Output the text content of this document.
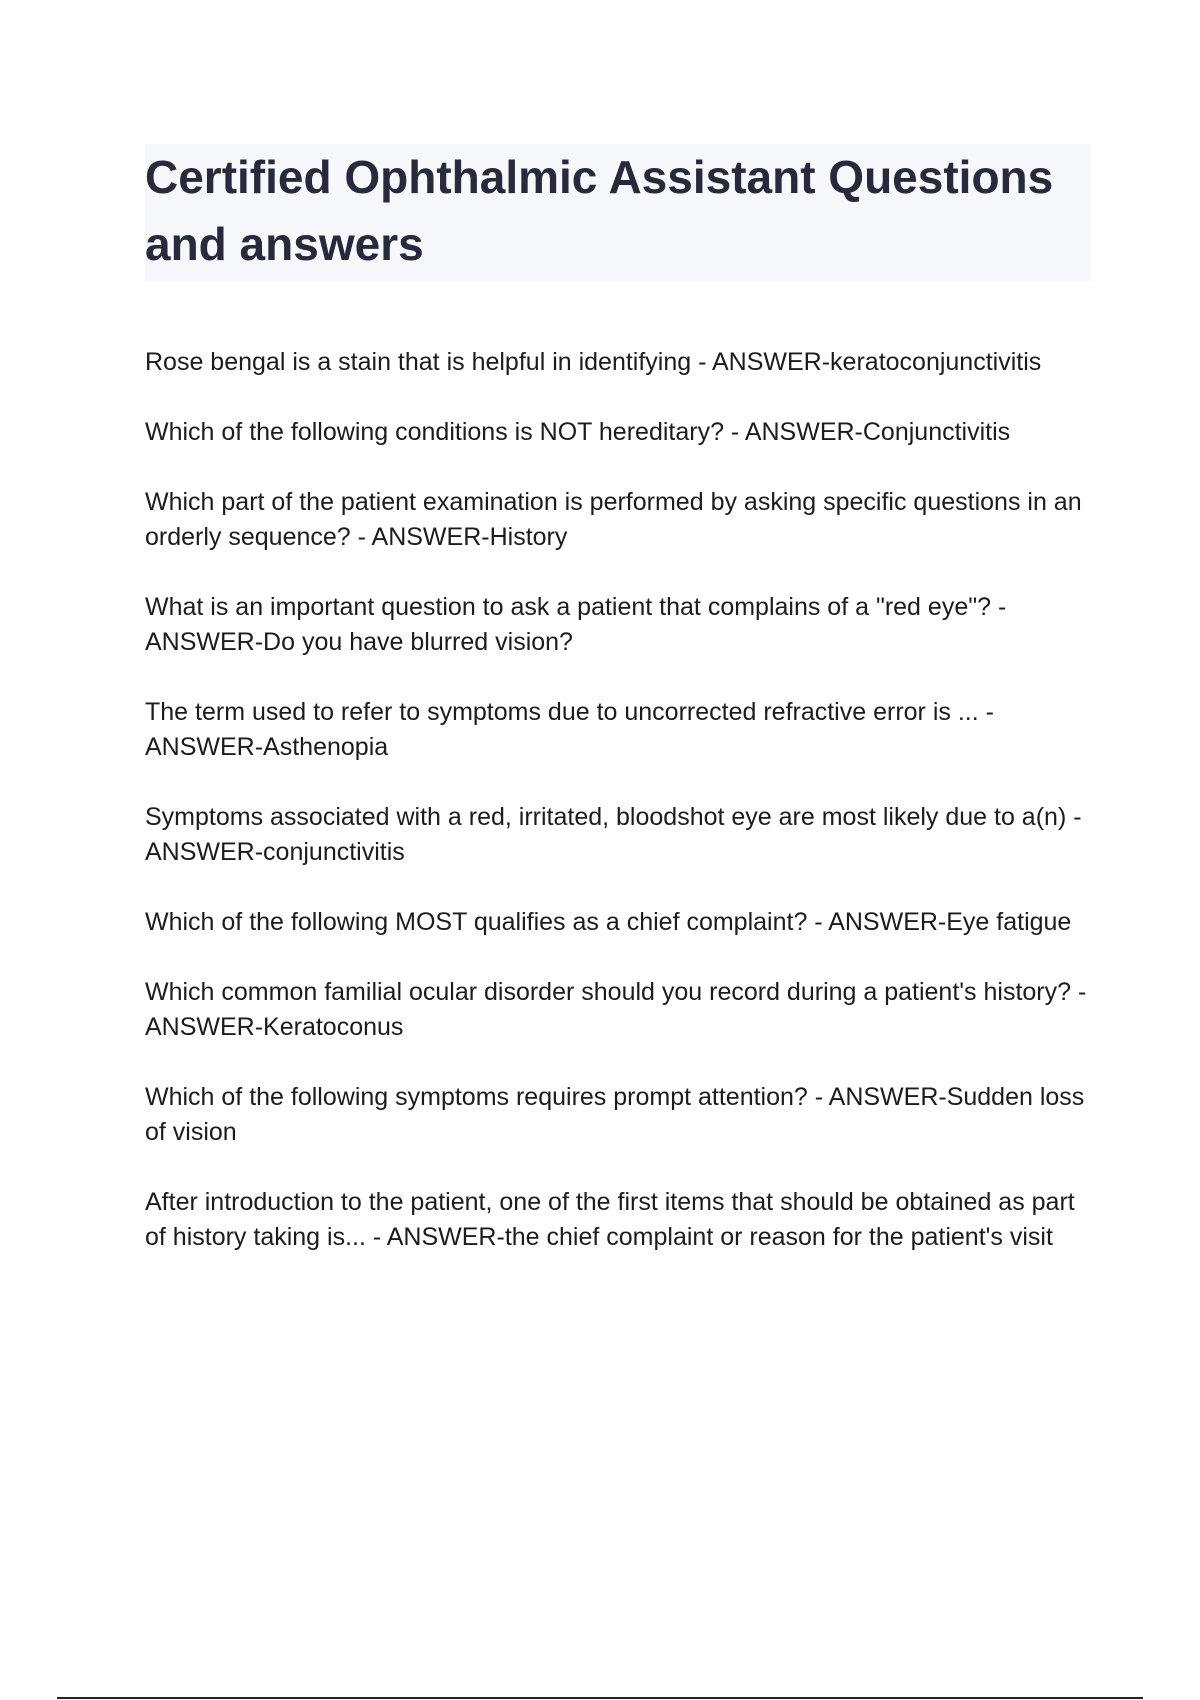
Certified Ophthalmic Assistant Questions and answers

Rose bengal is a stain that is helpful in identifying - ANSWER-keratoconjunctivitis

Which of the following conditions is NOT hereditary? - ANSWER-Conjunctivitis

Which part of the patient examination is performed by asking specific questions in an orderly sequence? - ANSWER-History

What is an important question to ask a patient that complains of a "red eye"? - ANSWER-Do you have blurred vision?

The term used to refer to symptoms due to uncorrected refractive error is ... - ANSWER-Asthenopia

Symptoms associated with a red, irritated, bloodshot eye are most likely due to a(n) - ANSWER-conjunctivitis

Which of the following MOST qualifies as a chief complaint? - ANSWER-Eye fatigue

Which common familial ocular disorder should you record during a patient's history? - ANSWER-Keratoconus

Which of the following symptoms requires prompt attention? - ANSWER-Sudden loss of vision

After introduction to the patient, one of the first items that should be obtained as part of history taking is... - ANSWER-the chief complaint or reason for the patient's visit
